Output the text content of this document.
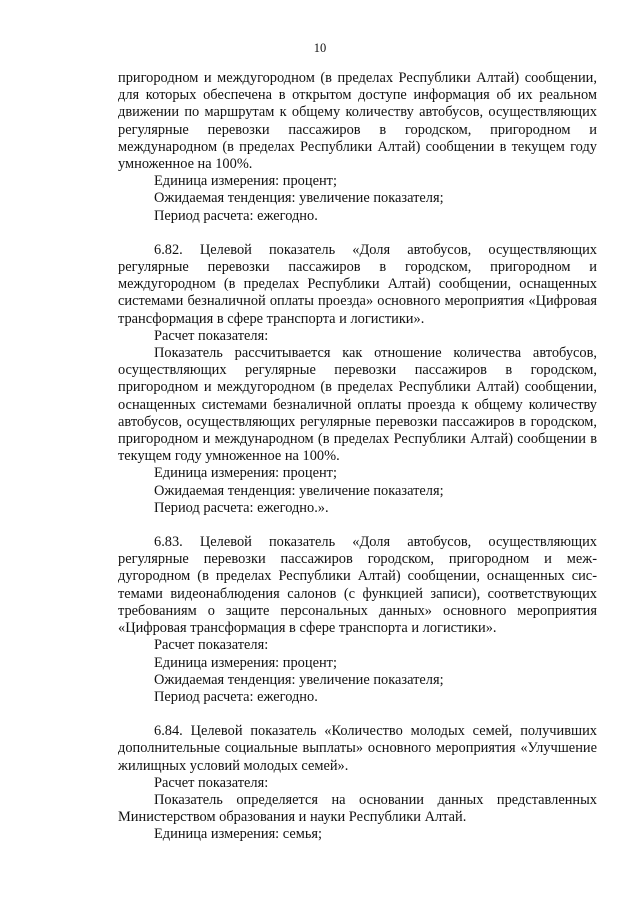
10

пригородном и междугородном (в пределах Республики Алтай) сообщении, для которых обеспечена в открытом доступе информация об их реальном движении по маршрутам к общему количеству автобусов, осуществляющих регулярные перевозки пассажиров в городском, пригородном и международном (в пределах Республики Алтай) сообщении в текущем году умноженное на 100%.

Единица измерения: процент;

Ожидаемая тенденция: увеличение показателя;

Период расчета: ежегодно.

6.82. Целевой показатель «Доля автобусов, осуществляющих регулярные перевозки пассажиров в городском, пригородном и междугородном (в пределах Республики Алтай) сообщении, оснащенных системами безналичной оплаты проезда» основного мероприятия «Цифровая трансформация в сфере транспорта и логистики».

Расчет показателя:

Показатель рассчитывается как отношение количества автобусов, осуществляющих регулярные перевозки пассажиров в городском, пригородном и междугородном (в пределах Республики Алтай) сообщении, оснащенных системами безналичной оплаты проезда к общему количеству автобусов, осуществляющих регулярные перевозки пассажиров в городском, пригородном и международном (в пределах Республики Алтай) сообщении в текущем году умноженное на 100%.

Единица измерения: процент;

Ожидаемая тенденция: увеличение показателя;

Период расчета: ежегодно.».

6.83. Целевой показатель «Доля автобусов, осуществляющих регулярные перевозки пассажиров городском, пригородном и меж-дугородном (в пределах Республики Алтай) сообщении, оснащенных сис-темами видеонаблюдения салонов (с функцией записи), соответствующих требованиям о защите персональных данных» основного мероприятия «Цифровая трансформация в сфере транспорта и логистики».

Расчет показателя:

Единица измерения: процент;

Ожидаемая тенденция: увеличение показателя;

Период расчета: ежегодно.

6.84. Целевой показатель «Количество молодых семей, получивших дополнительные социальные выплаты» основного мероприятия «Улучшение жилищных условий молодых семей».

Расчет показателя:

Показатель определяется на основании данных представленных Министерством образования и науки Республики Алтай.

Единица измерения: семья;
